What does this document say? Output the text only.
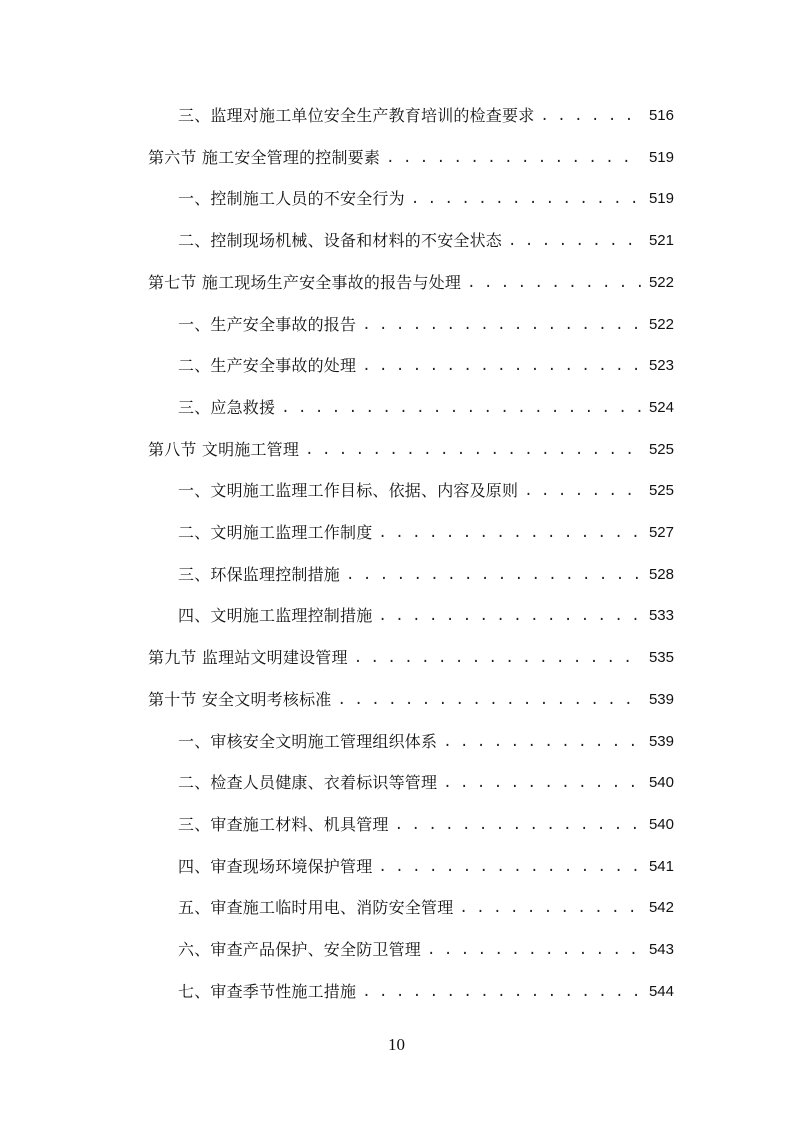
三、监理对施工单位安全生产教育培训的检查要求 . . .	516
第六节 施工安全管理的控制要素 . . .	519
一、控制施工人员的不安全行为 . . .	519
二、控制现场机械、设备和材料的不安全状态 . . .	521
第七节 施工现场生产安全事故的报告与处理 . . .	522
一、生产安全事故的报告 . . .	522
二、生产安全事故的处理 . . .	523
三、应急救援 . . .	524
第八节 文明施工管理 . . .	525
一、文明施工监理工作目标、依据、内容及原则 . . .	525
二、文明施工监理工作制度 . . .	527
三、环保监理控制措施 . . .	528
四、文明施工监理控制措施 . . .	533
第九节 监理站文明建设管理 . . .	535
第十节 安全文明考核标准 . . .	539
一、审核安全文明施工管理组织体系 . . .	539
二、检查人员健康、衣着标识等管理 . . .	540
三、审查施工材料、机具管理 . . .	540
四、审查现场环境保护管理 . . .	541
五、审查施工临时用电、消防安全管理 . . .	542
六、审查产品保护、安全防卫管理 . . .	543
七、审查季节性施工措施 . . .	544
10
